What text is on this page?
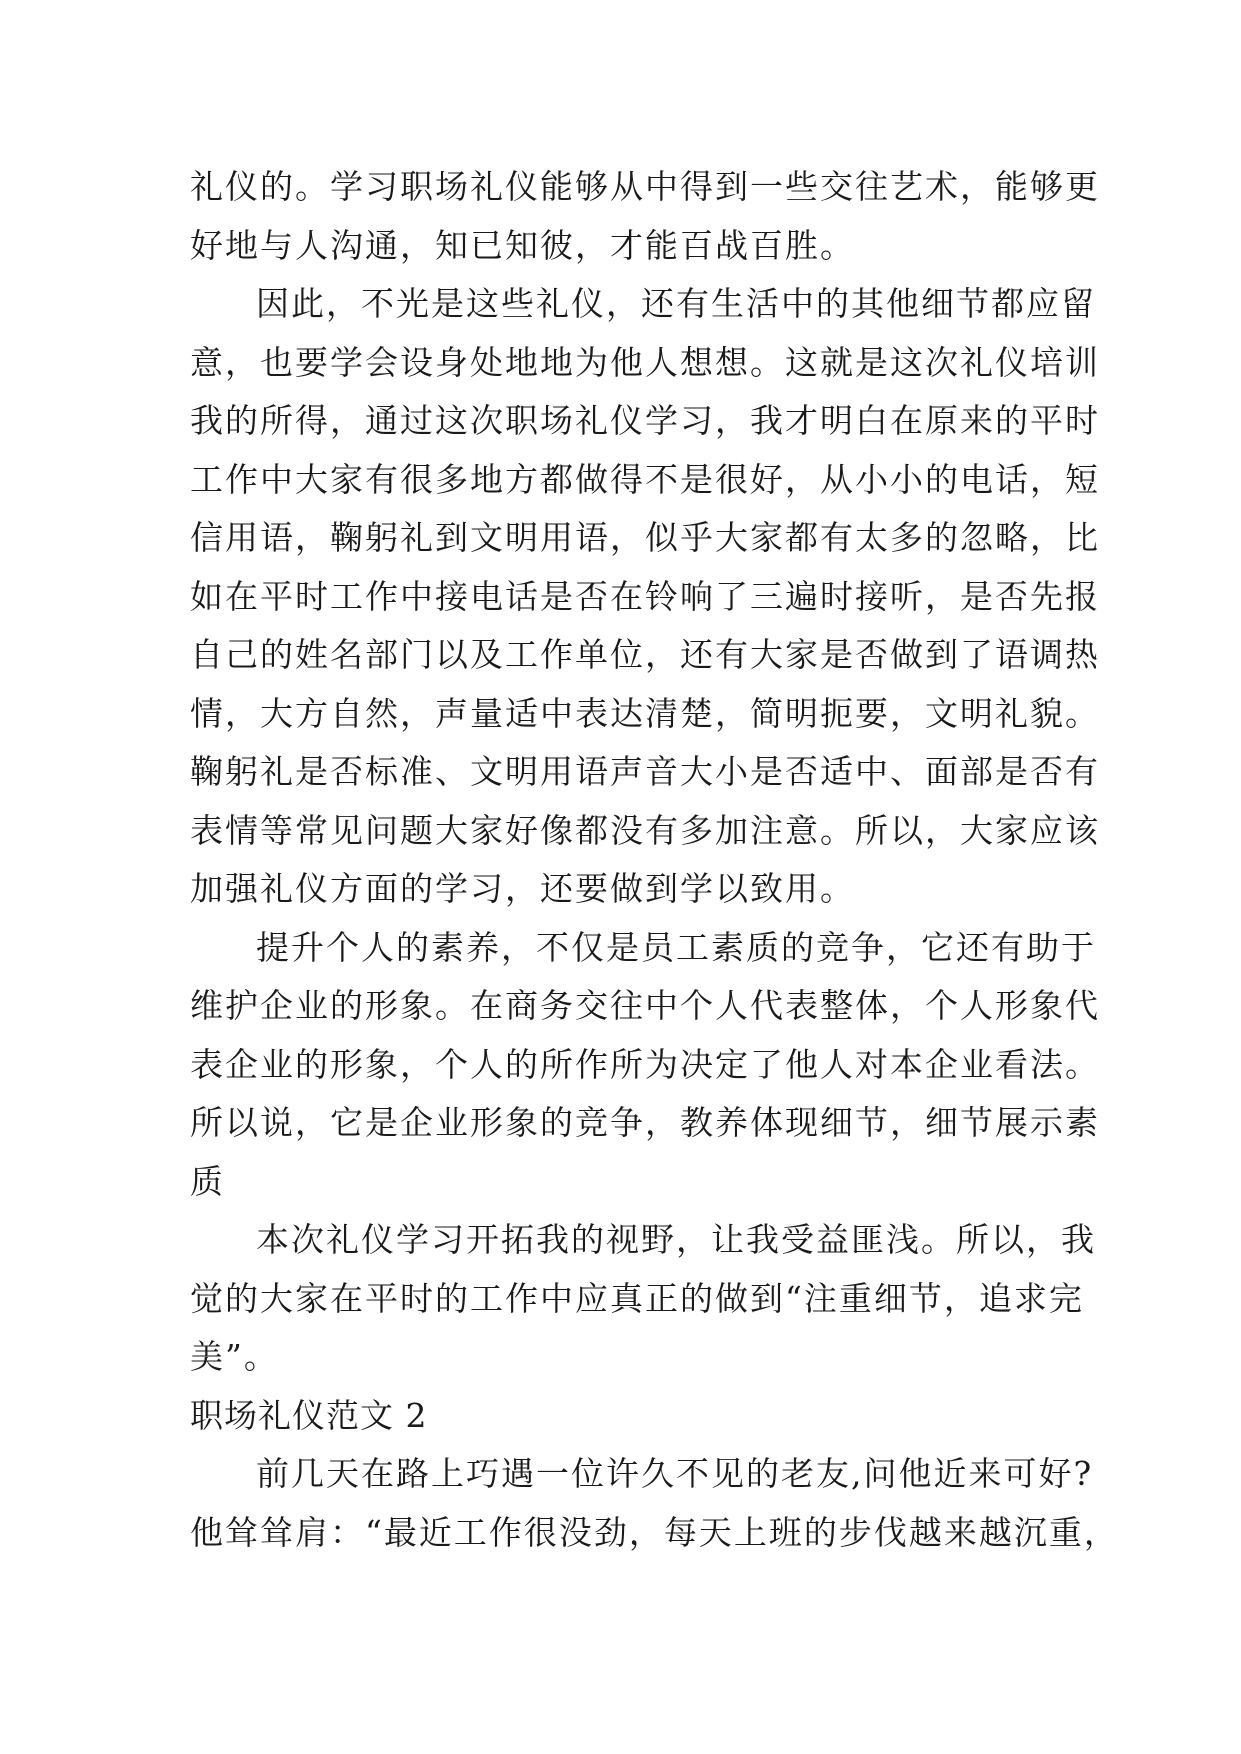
礼仪的。学习职场礼仪能够从中得到一些交往艺术，能够更
好地与人沟通，知已知彼，才能百战百胜。
因此，不光是这些礼仪，还有生活中的其他细节都应留
意，也要学会设身处地地为他人想想。这就是这次礼仪培训
我的所得，通过这次职场礼仪学习，我才明白在原来的平时
工作中大家有很多地方都做得不是很好，从小小的电话，短
信用语，鞠躬礼到文明用语，似乎大家都有太多的忽略，比
如在平时工作中接电话是否在铃响了三遍时接听，是否先报
自己的姓名部门以及工作单位，还有大家是否做到了语调热
情，大方自然，声量适中表达清楚，简明扼要，文明礼貌。
鞠躬礼是否标准、文明用语声音大小是否适中、面部是否有
表情等常见问题大家好像都没有多加注意。所以，大家应该
加强礼仪方面的学习，还要做到学以致用。
提升个人的素养，不仅是员工素质的竞争，它还有助于
维护企业的形象。在商务交往中个人代表整体，个人形象代
表企业的形象，个人的所作所为决定了他人对本企业看法。
所以说，它是企业形象的竞争，教养体现细节，细节展示素
质
本次礼仪学习开拓我的视野，让我受益匪浅。所以，我
觉的大家在平时的工作中应真正的做到“注重细节，追求完
美”。
职场礼仪范文 2
前几天在路上巧遇一位许久不见的老友,问他近来可好?
他耸耸肩：“最近工作很没劲，每天上班的步伐越来越沉重，
